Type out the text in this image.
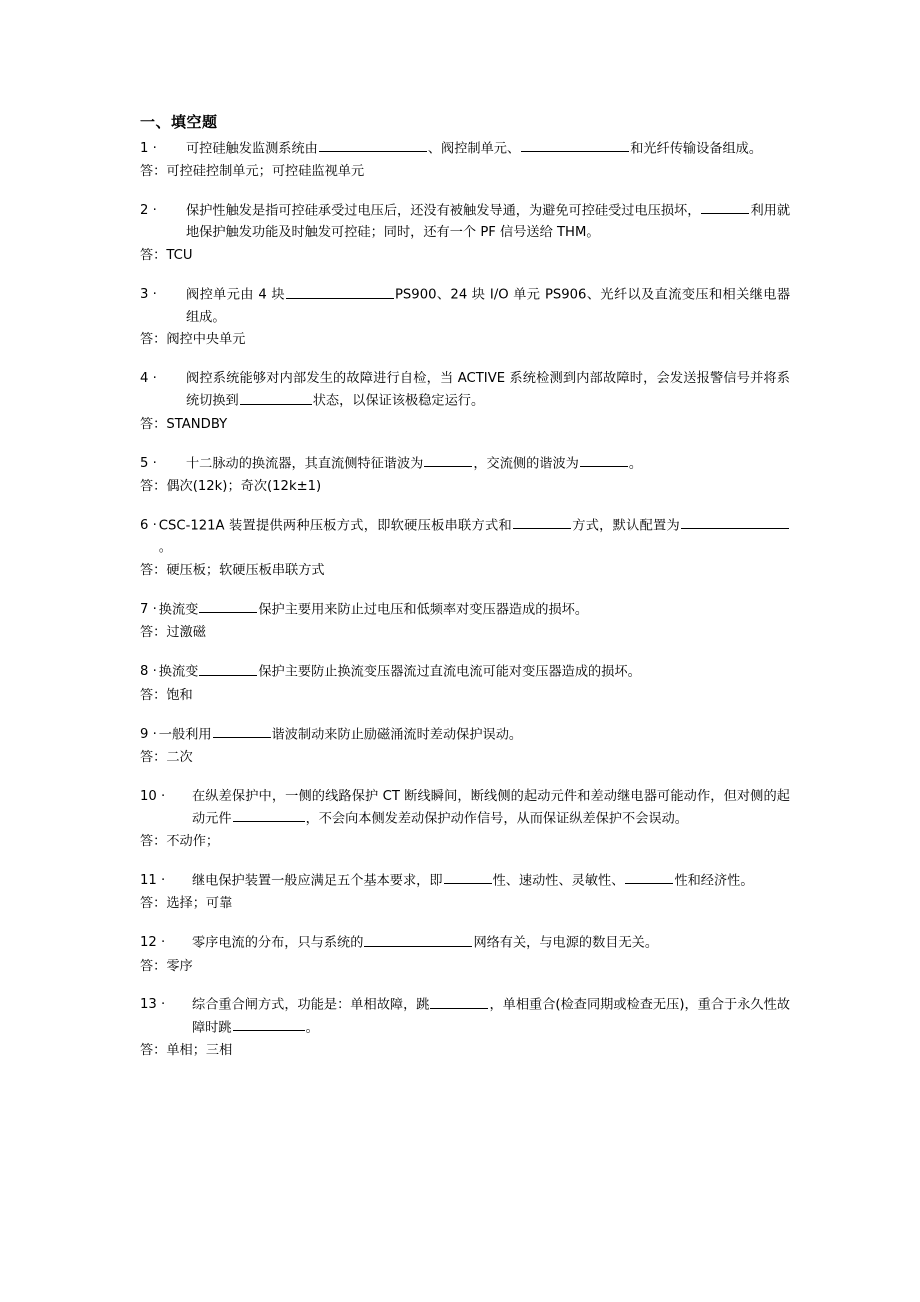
一、填空题
1 ·	可控硅触发监测系统由	、阀控制单元、	和光纤传输设备组成。
答：可控硅控制单元；可控硅监视单元
2 ·	保护性触发是指可控硅承受过电压后，还没有被触发导通，为避免可控硅受过电压损坏，	利用就地保护触发功能及时触发可控硅；同时，还有一个 PF 信号送给 THM。
答：TCU
3 ·	阀控单元由 4 块	PS900、24 块 I/O 单元 PS906、光纤以及直流变压和相关继电器组成。
答：阀控中央单元
4 ·	阀控系统能够对内部发生的故障进行自检，当 ACTIVE 系统检测到内部故障时，会发送报警信号并将系统切换到	状态，以保证该极稳定运行。
答：STANDBY
5 ·	十二脉动的换流器，其直流侧特征谐波为	，交流侧的谐波为	。
答：偶次(12k)；奇次(12k±1)
6 · CSC-121A 装置提供两种压板方式，即软硬压板串联方式和	方式，默认配置为。
答：硬压板；软硬压板串联方式
7 · 换流变	保护主要用来防止过电压和低频率对变压器造成的损坏。
答：过激磁
8 · 换流变	保护主要防止换流变压器流过直流电流可能对变压器造成的损坏。
答：饱和
9 · 一般利用	谐波制动来防止励磁涌流时差动保护误动。
答：二次
10 ·	在纵差保护中，一侧的线路保护 CT 断线瞬间，断线侧的起动元件和差动继电器可能动作，但对侧的起动元件	，不会向本侧发差动保护动作信号，从而保证纵差保护不会误动。
答：不动作；
11 ·	继电保护装置一般应满足五个基本要求，即	性、速动性、灵敏性、	性和经济性。
答：选择；可靠
12 ·	零序电流的分布，只与系统的	网络有关，与电源的数目无关。
答：零序
13 ·	综合重合闸方式，功能是：单相故障，跳	，单相重合(检查同期或检查无压)，重合于永久性故障时跳	。
答：单相；三相
